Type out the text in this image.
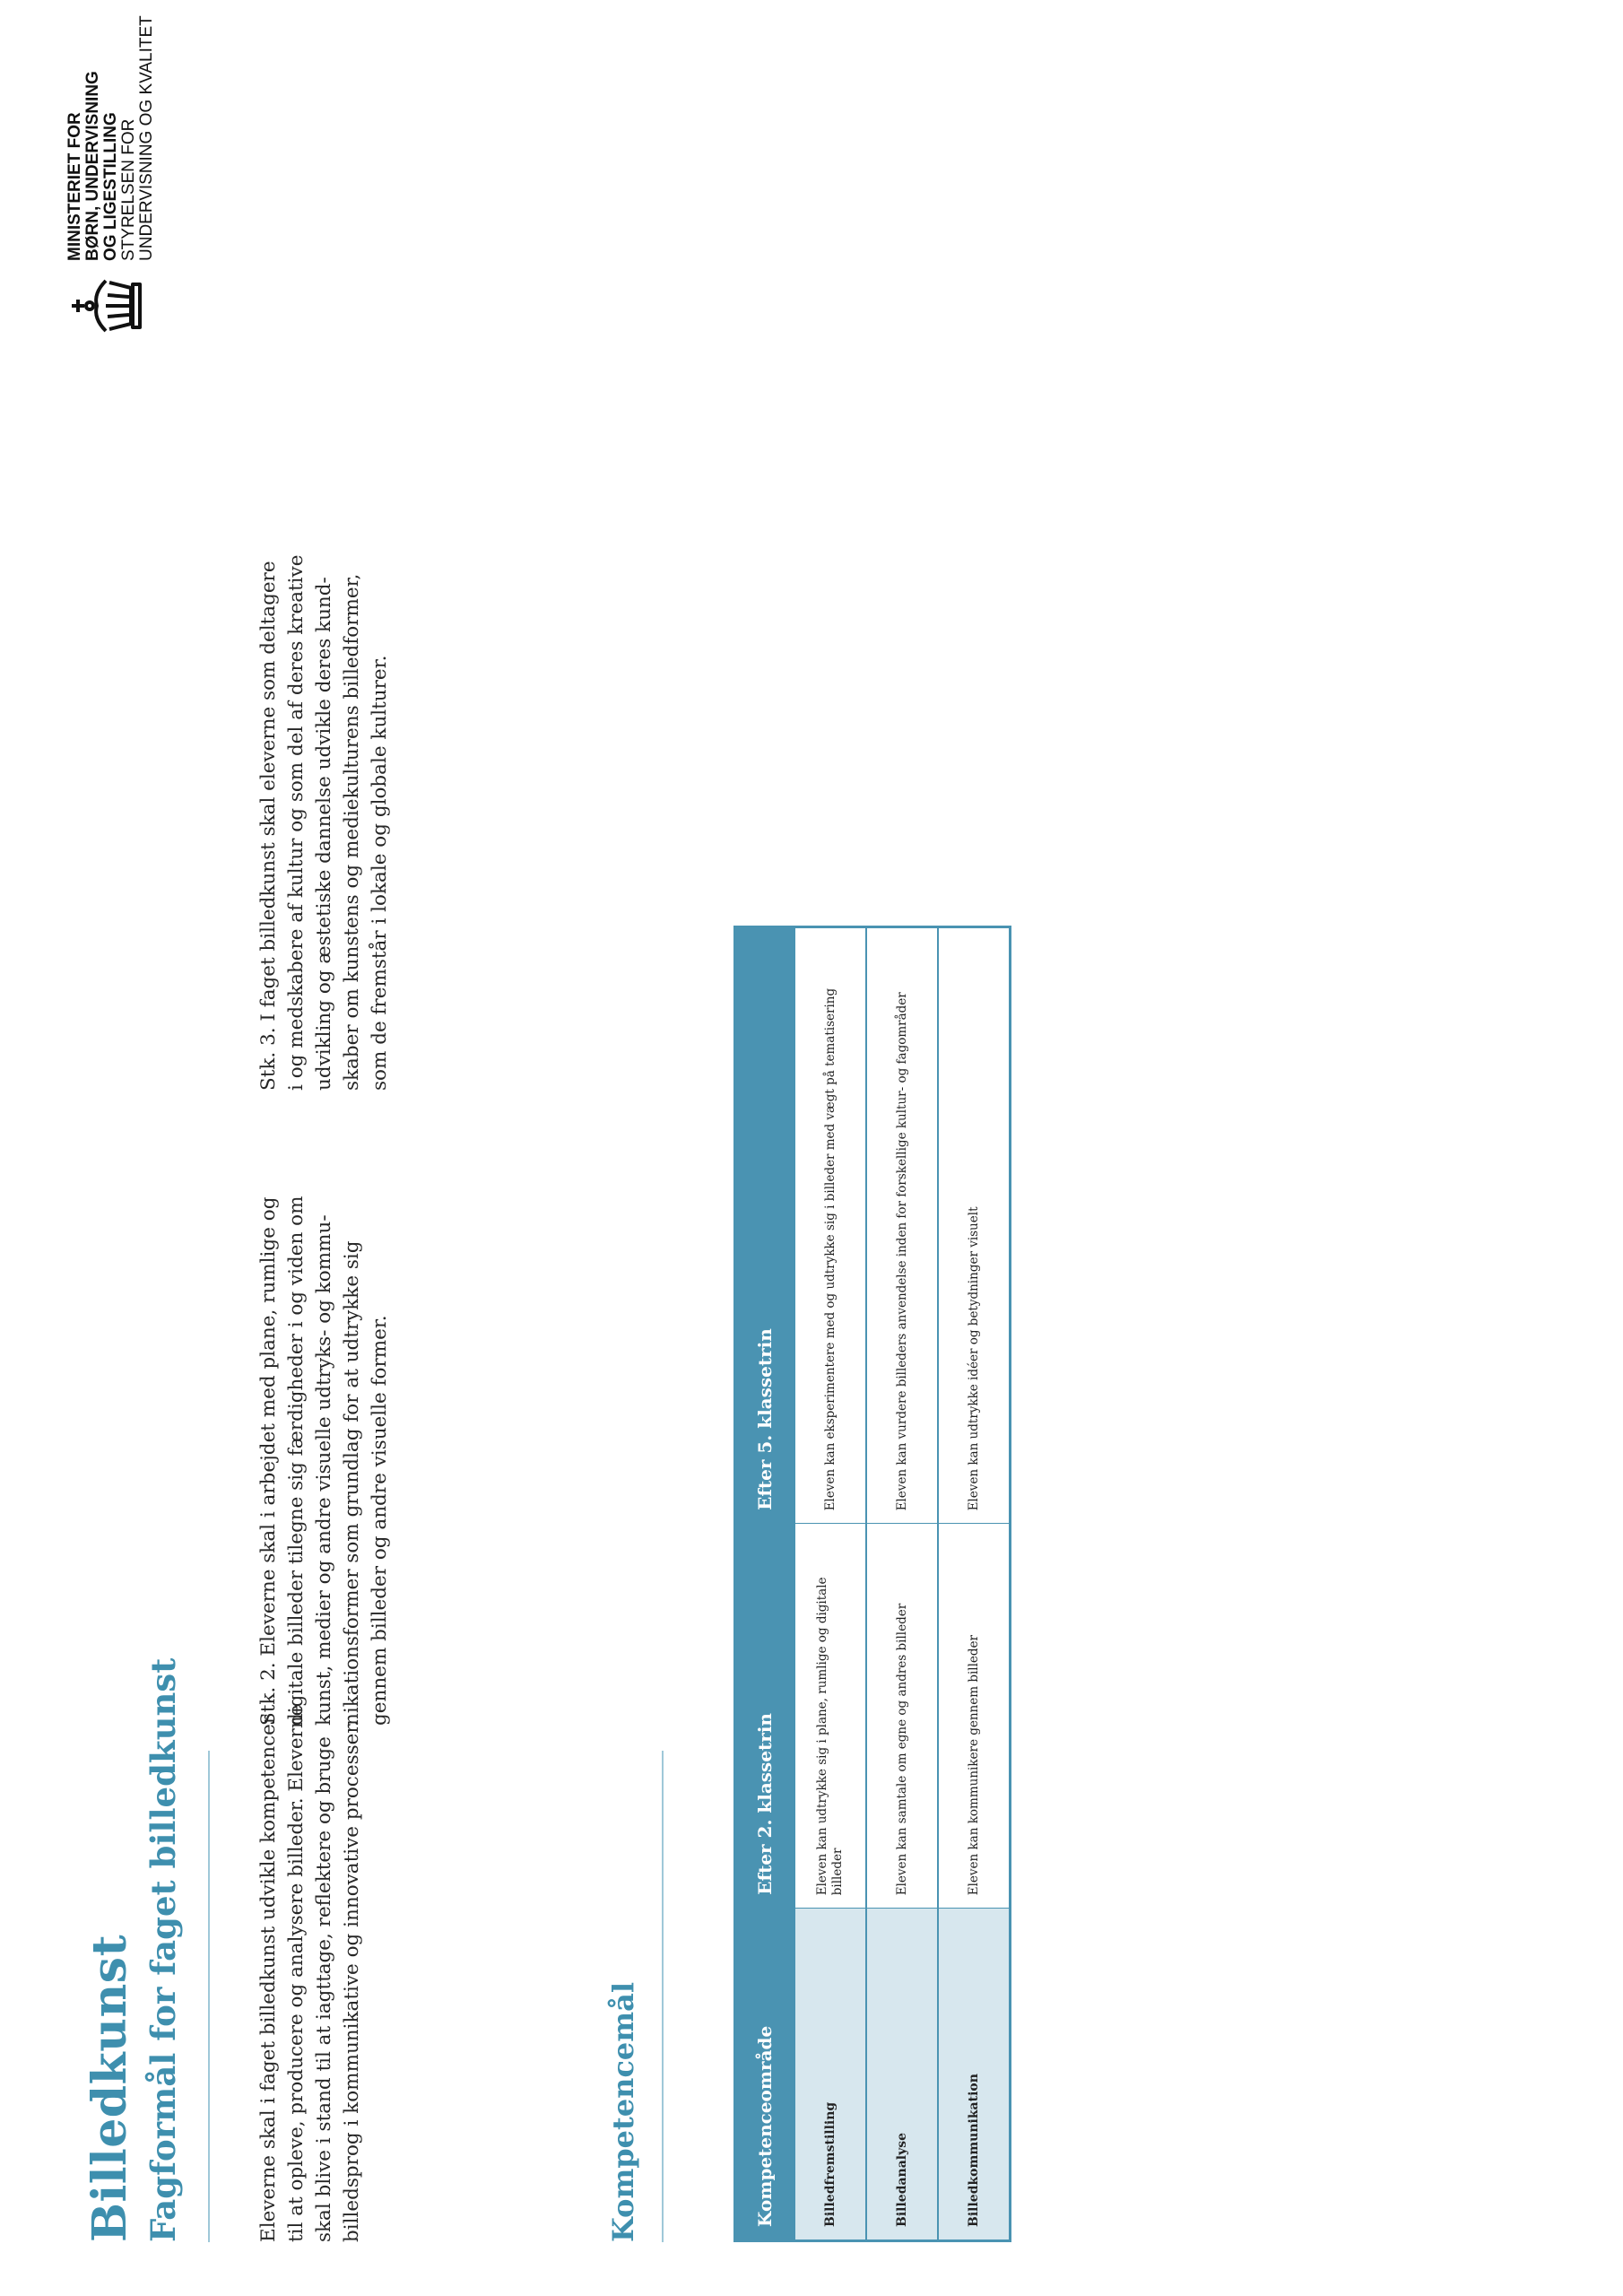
Billedkunst Fagformål for faget billedkunst	Eleverne skal i faget billedkunst udvikle kompetencer til at opleve, producere og analysere billeder. Eleverne skal blive i stand til at iagttage, reflektere og bruge billedsprog i kommunikative og innovative processer.

Stk. 2. Eleverne skal i arbejdet med plane, rumlige og digitale billeder tilegne sig færdigheder i og viden om kunst, medier og andre visuelle udtryks- og kommu- nikationsformer som grundlag for at udtrykke sig gennem billeder og andre visuelle former.

Stk. 3. I faget billedkunst skal eleverne som deltagere i og medskabere af kultur og som del af deres kreative udvikling og æstetiske dannelse udvikle deres kund- skaber om kunstens og mediekulturens billedformer, som de fremstår i lokale og globale kulturer.

Kompetencemål	Kompetenceområde	Efter 2. klassetrin	Efter 5. klassetrin
Billedfremstilling	Eleven kan udtrykke sig i plane, rumlige og digitale billeder	Eleven kan eksperimentere med og udtrykke sig i billeder med vægt på tematisering
Billedanalyse	Eleven kan samtale om egne og andres billeder	Eleven kan vurdere billeders anvendelse inden for forskellige kultur- og fagområder
Billedkommunikation	Eleven kan kommunikere gennem billeder	Eleven kan udtrykke idéer og betydninger visuelt
MINISTERIET FOR BØRN, UNDERVISNING OG LIGESTILLING STYRELSEN FOR UNDERVISNING OG KVALITET
